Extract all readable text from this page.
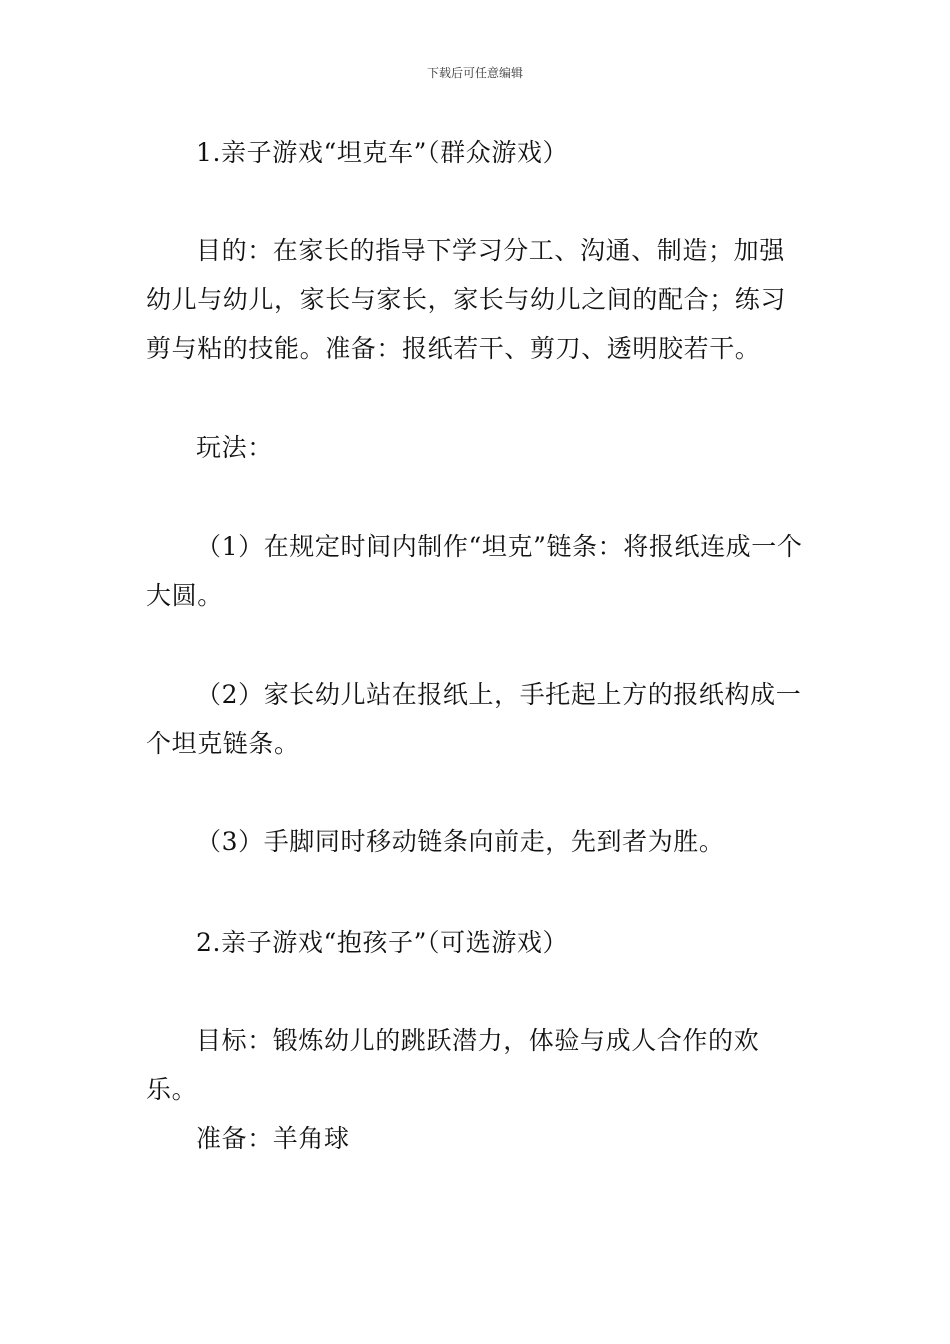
下载后可任意编辑
1.亲子游戏“坦克车”（群众游戏）
目的：在家长的指导下学习分工、沟通、制造；加强幼儿与幼儿，家长与家长，家长与幼儿之间的配合；练习剪与粘的技能。准备：报纸若干、剪刀、透明胶若干。
玩法：
（1）在规定时间内制作“坦克”链条：将报纸连成一个大圆。
（2）家长幼儿站在报纸上，手托起上方的报纸构成一个坦克链条。
（3）手脚同时移动链条向前走，先到者为胜。
2.亲子游戏“抱孩子”（可选游戏）
目标：锻炼幼儿的跳跃潜力，体验与成人合作的欢乐。
准备：羊角球
